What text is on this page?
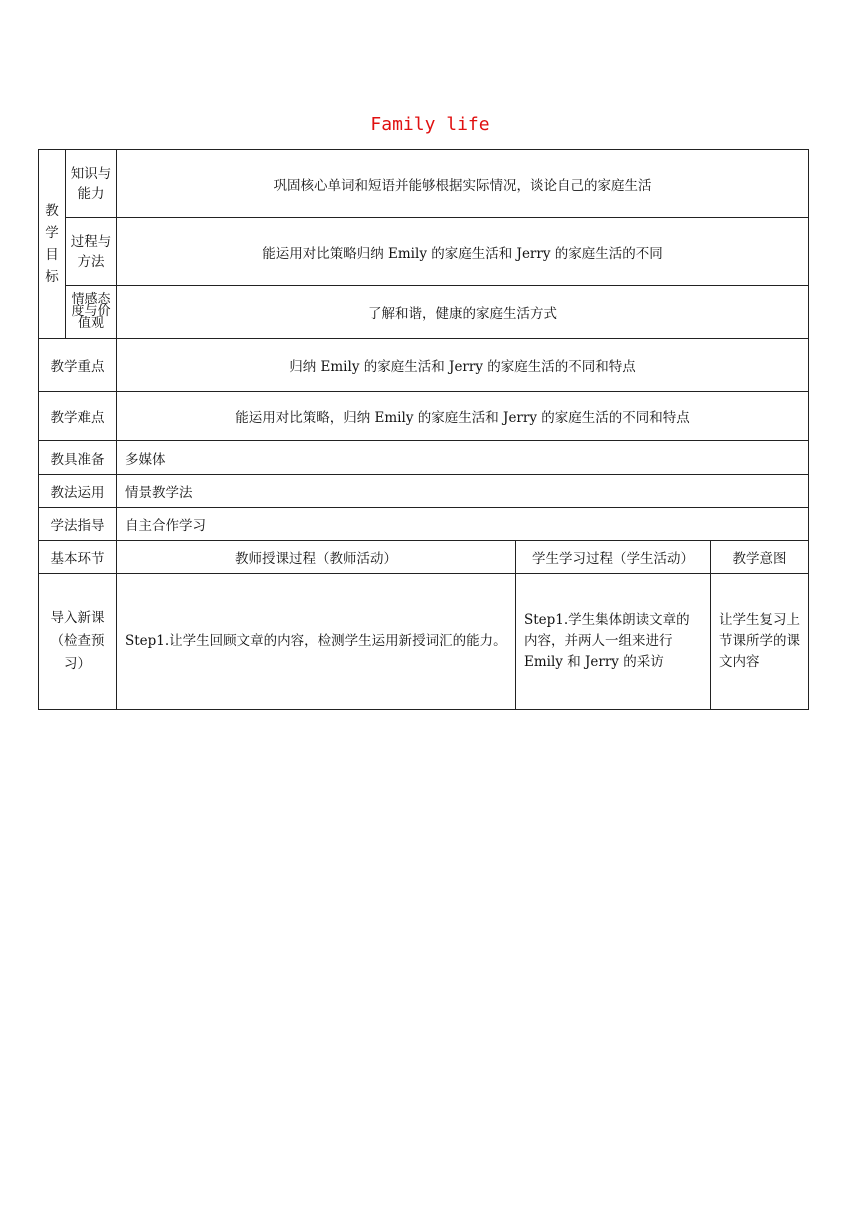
Family life
教学目标	知识与能力	巩固核心单词和短语并能够根据实际情况，谈论自己的家庭生活		
	过程与方法	能运用对比策略归纳 Emily 的家庭生活和 Jerry 的家庭生活的不同		
	情感态度与价值观	了解和谐，健康的家庭生活方式		
教学重点		归纳 Emily 的家庭生活和 Jerry 的家庭生活的不同和特点		
教学难点		能运用对比策略，归纳 Emily 的家庭生活和 Jerry 的家庭生活的不同和特点		
教具准备		多媒体		
教法运用		情景教学法		
学法指导		自主合作学习		
基本环节		教师授课过程（教师活动）	学生学习过程（学生活动）	教学意图
导入新课（检查预习）		Step1.让学生回顾文章的内容，检测学生运用新授词汇的能力。	Step1.学生集体朗读文章的内容，并两人一组来进行 Emily 和 Jerry 的采访	让学生复习上节课所学的课文内容
